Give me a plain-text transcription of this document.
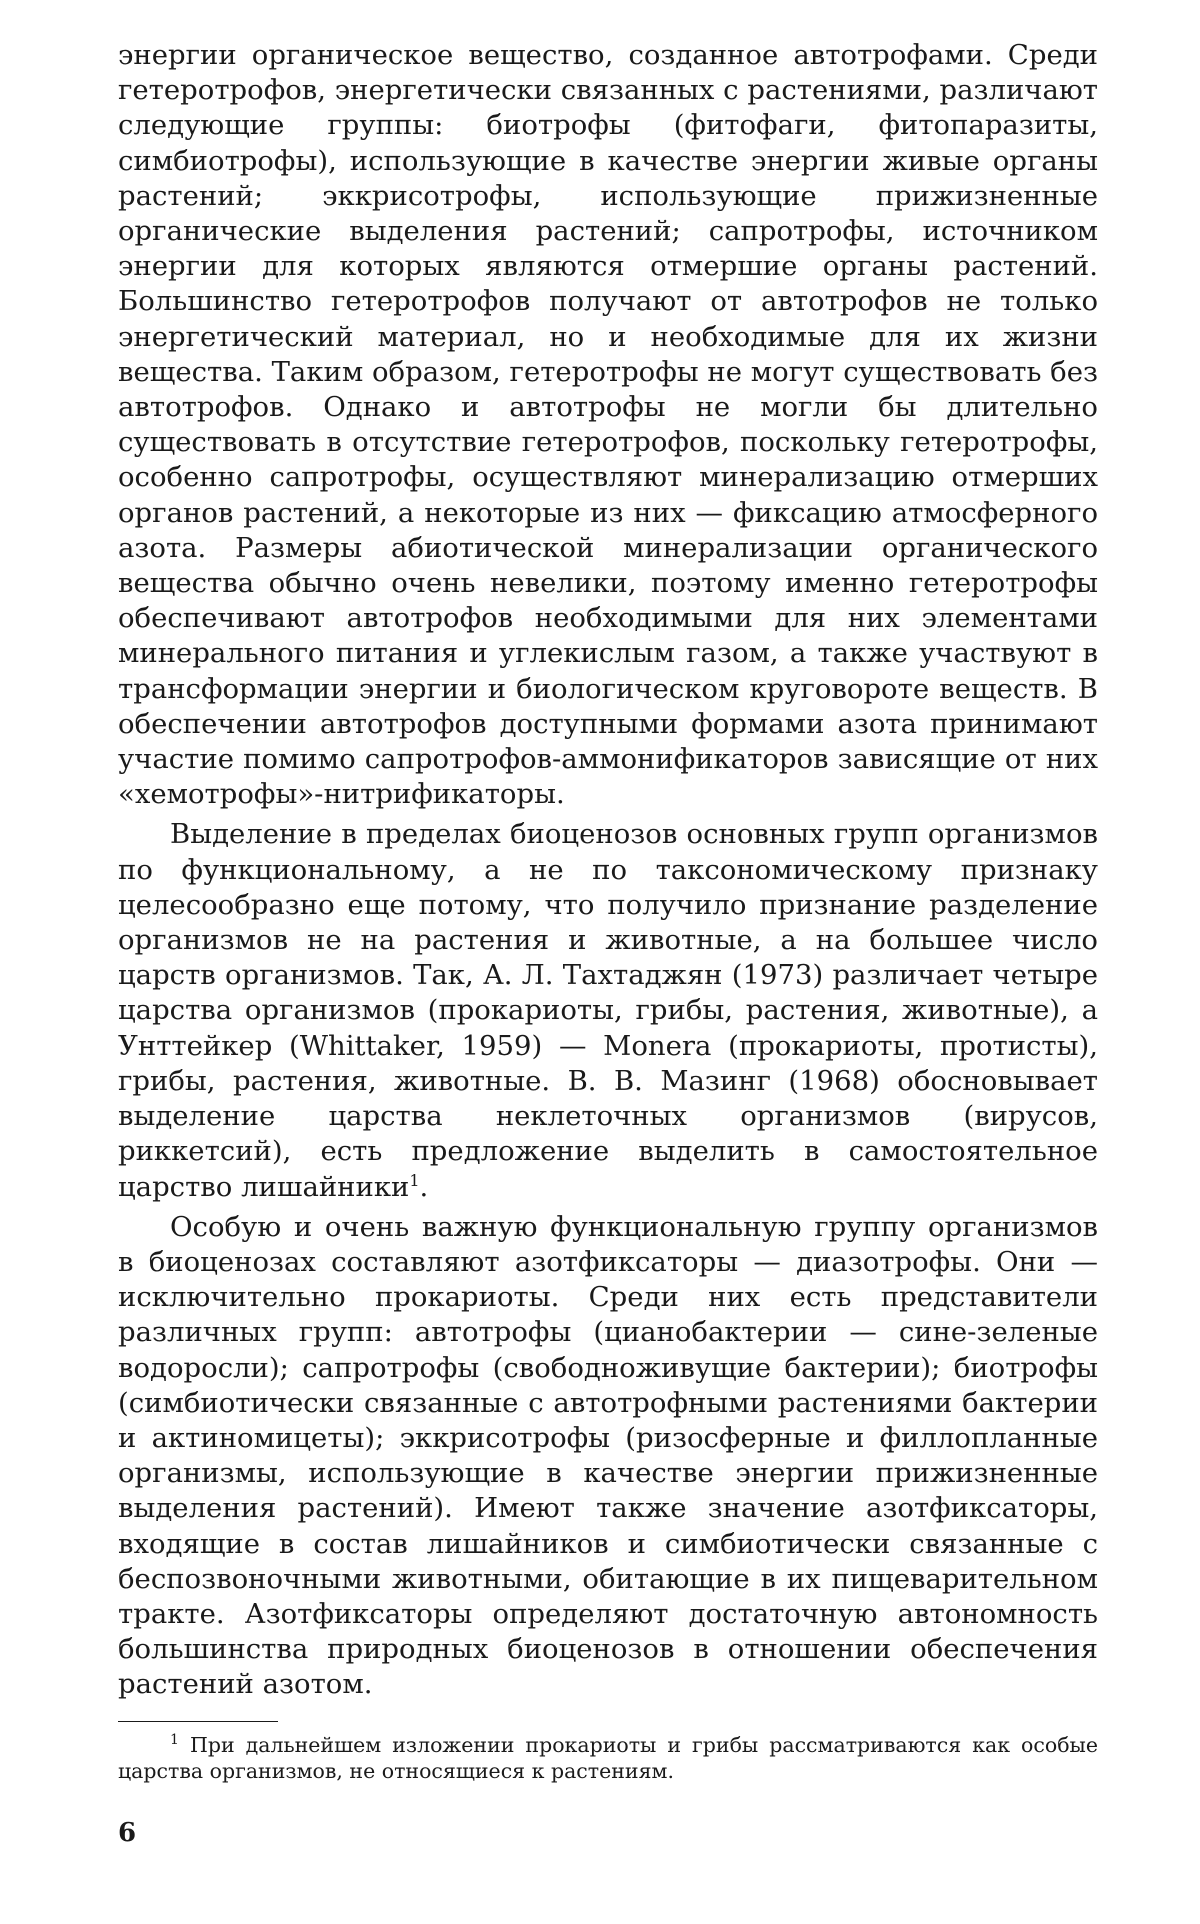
энергии органическое вещество, созданное автотрофами. Среди гетеротрофов, энергетически связанных с растениями, различают следующие группы: биотрофы (фитофаги, фитопаразиты, симбиотрофы), использующие в качестве энергии живые органы растений; эккрисотрофы, использующие прижизненные органические выделения растений; сапротрофы, источником энергии для которых являются отмершие органы растений. Большинство гетеротрофов получают от автотрофов не только энергетический материал, но и необходимые для их жизни вещества. Таким образом, гетеротрофы не могут существовать без автотрофов. Однако и автотрофы не могли бы длительно существовать в отсутствие гетеротрофов, поскольку гетеротрофы, особенно сапротрофы, осуществляют минерализацию отмерших органов растений, а некоторые из них — фиксацию атмосферного азота. Размеры абиотической минерализации органического вещества обычно очень невелики, поэтому именно гетеротрофы обеспечивают автотрофов необходимыми для них элементами минерального питания и углекислым газом, а также участвуют в трансформации энергии и биологическом круговороте веществ. В обеспечении автотрофов доступными формами азота принимают участие помимо сапротрофов-аммонификаторов зависящие от них «хемотрофы»-нитрификаторы.

Выделение в пределах биоценозов основных групп организмов по функциональному, а не по таксономическому признаку целесообразно еще потому, что получило признание разделение организмов не на растения и животные, а на большее число царств организмов. Так, А. Л. Тахтаджян (1973) различает четыре царства организмов (прокариоты, грибы, растения, животные), а Унттейкер (Whittaker, 1959) — Monera (прокариоты, протисты), грибы, растения, животные. В. В. Мазинг (1968) обосновывает выделение царства неклеточных организмов (вирусов, риккетсий), есть предложение выделить в самостоятельное царство лишайники$^1$.

Особую и очень важную функциональную группу организмов в биоценозах составляют азотфиксаторы — диазотрофы. Они — исключительно прокариоты. Среди них есть представители различных групп: автотрофы (цианобактерии — сине-зеленые водоросли); сапротрофы (свободноживущие бактерии); биотрофы (симбиотически связанные с автотрофными растениями бактерии и актиномицеты); эккрисотрофы (ризосферные и филлопланные организмы, использующие в качестве энергии прижизненные выделения растений). Имеют также значение азотфиксаторы, входящие в состав лишайников и симбиотически связанные с беспозвоночными животными, обитающие в их пищеварительном тракте. Азотфиксаторы определяют достаточную автономность большинства природных биоценозов в отношении обеспечения растений азотом.

$^1$ При дальнейшем изложении прокариоты и грибы рассматриваются как особые царства организмов, не относящиеся к растениям.

6
